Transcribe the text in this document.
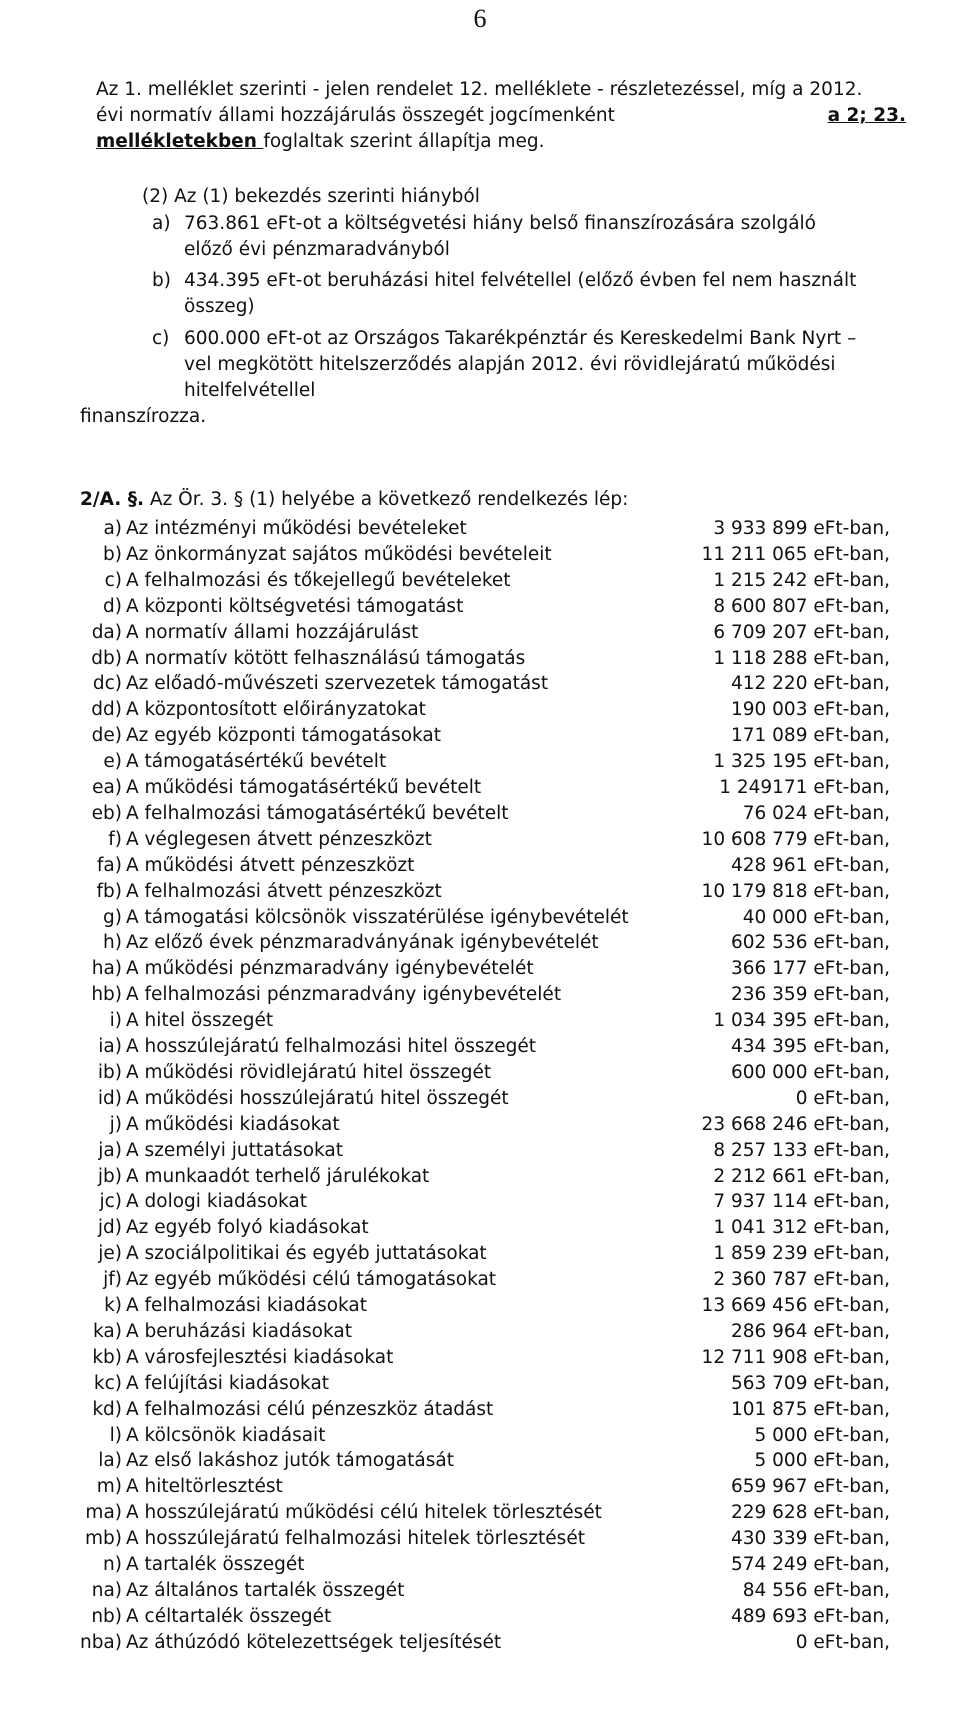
6
Az 1. melléklet szerinti - jelen rendelet 12. melléklete - részletezéssel, míg a 2012.
évi normatív állami hozzájárulás összegét jogcímenként	a 2; 23.
mellékletekben foglaltak szerint állapítja meg.
(2) Az (1) bekezdés szerinti hiányból
a) 763.861 eFt-ot a költségvetési hiány belső finanszírozására szolgáló
előző évi pénzmaradványból
b) 434.395 eFt-ot beruházási hitel felvétellel (előző évben fel nem használt
összeg)
c) 600.000 eFt-ot az Országos Takarékpénztár és Kereskedelmi Bank Nyrt –
vel megkötött hitelszerződés alapján 2012. évi rövidlejáratú működési
hitelfelvétellel
finanszírozza.
2/A. §. Az Ör. 3. § (1) helyébe a következő rendelkezés lép:
a) Az intézményi működési bevételeket	3 933 899 eFt-ban,
b) Az önkormányzat sajátos működési bevételeit	11 211 065 eFt-ban,
c) A felhalmozási és tőkejellegű bevételeket	1 215 242 eFt-ban,
d) A központi költségvetési támogatást	8 600 807 eFt-ban,
da) A normatív állami hozzájárulást	6 709 207 eFt-ban,
db) A normatív kötött felhasználású támogatás	1 118 288 eFt-ban,
dc) Az előadó-művészeti szervezetek támogatást	412 220 eFt-ban,
dd) A központosított előirányzatokat	190 003 eFt-ban,
de) Az egyéb központi támogatásokat	171 089 eFt-ban,
e) A támogatásértékű bevételt	1 325 195 eFt-ban,
ea) A működési támogatásértékű bevételt	1 249171 eFt-ban,
eb) A felhalmozási támogatásértékű bevételt	76 024 eFt-ban,
f) A véglegesen átvett pénzeszközt	10 608 779 eFt-ban,
fa) A működési átvett pénzeszközt	428 961 eFt-ban,
fb) A felhalmozási átvett pénzeszközt	10 179 818 eFt-ban,
g) A támogatási kölcsönök visszatérülése igénybevételét	40 000 eFt-ban,
h) Az előző évek pénzmaradványának igénybevételét	602 536 eFt-ban,
ha) A működési pénzmaradvány igénybevételét	366 177 eFt-ban,
hb) A felhalmozási pénzmaradvány igénybevételét	236 359 eFt-ban,
i) A hitel összegét	1 034 395 eFt-ban,
ia) A hosszúlejáratú felhalmozási hitel összegét	434 395 eFt-ban,
ib) A működési rövidlejáratú hitel összegét	600 000 eFt-ban,
id) A működési hosszúlejáratú hitel összegét	0 eFt-ban,
j) A működési kiadásokat	23 668 246 eFt-ban,
ja) A személyi juttatásokat	8 257 133 eFt-ban,
jb) A munkaadót terhelő járulékokat	2 212 661 eFt-ban,
jc) A dologi kiadásokat	7 937 114 eFt-ban,
jd) Az egyéb folyó kiadásokat	1 041 312 eFt-ban,
je) A szociálpolitikai és egyéb juttatásokat	1 859 239 eFt-ban,
jf) Az egyéb működési célú támogatásokat	2 360 787 eFt-ban,
k) A felhalmozási kiadásokat	13 669 456 eFt-ban,
ka) A beruházási kiadásokat	286 964 eFt-ban,
kb) A városfejlesztési kiadásokat	12 711 908 eFt-ban,
kc) A felújítási kiadásokat	563 709 eFt-ban,
kd) A felhalmozási célú pénzeszköz átadást	101 875 eFt-ban,
l) A kölcsönök kiadásait	5 000 eFt-ban,
la) Az első lakáshoz jutók támogatását	5 000 eFt-ban,
m) A hiteltörlesztést	659 967 eFt-ban,
ma) A hosszúlejáratú működési célú hitelek törlesztését	229 628 eFt-ban,
mb) A hosszúlejáratú felhalmozási hitelek törlesztését	430 339 eFt-ban,
n) A tartalék összegét	574 249 eFt-ban,
na) Az általános tartalék összegét	84 556 eFt-ban,
nb) A céltartalék összegét	489 693 eFt-ban,
nba) Az áthúzódó kötelezettségek teljesítését	0 eFt-ban,
